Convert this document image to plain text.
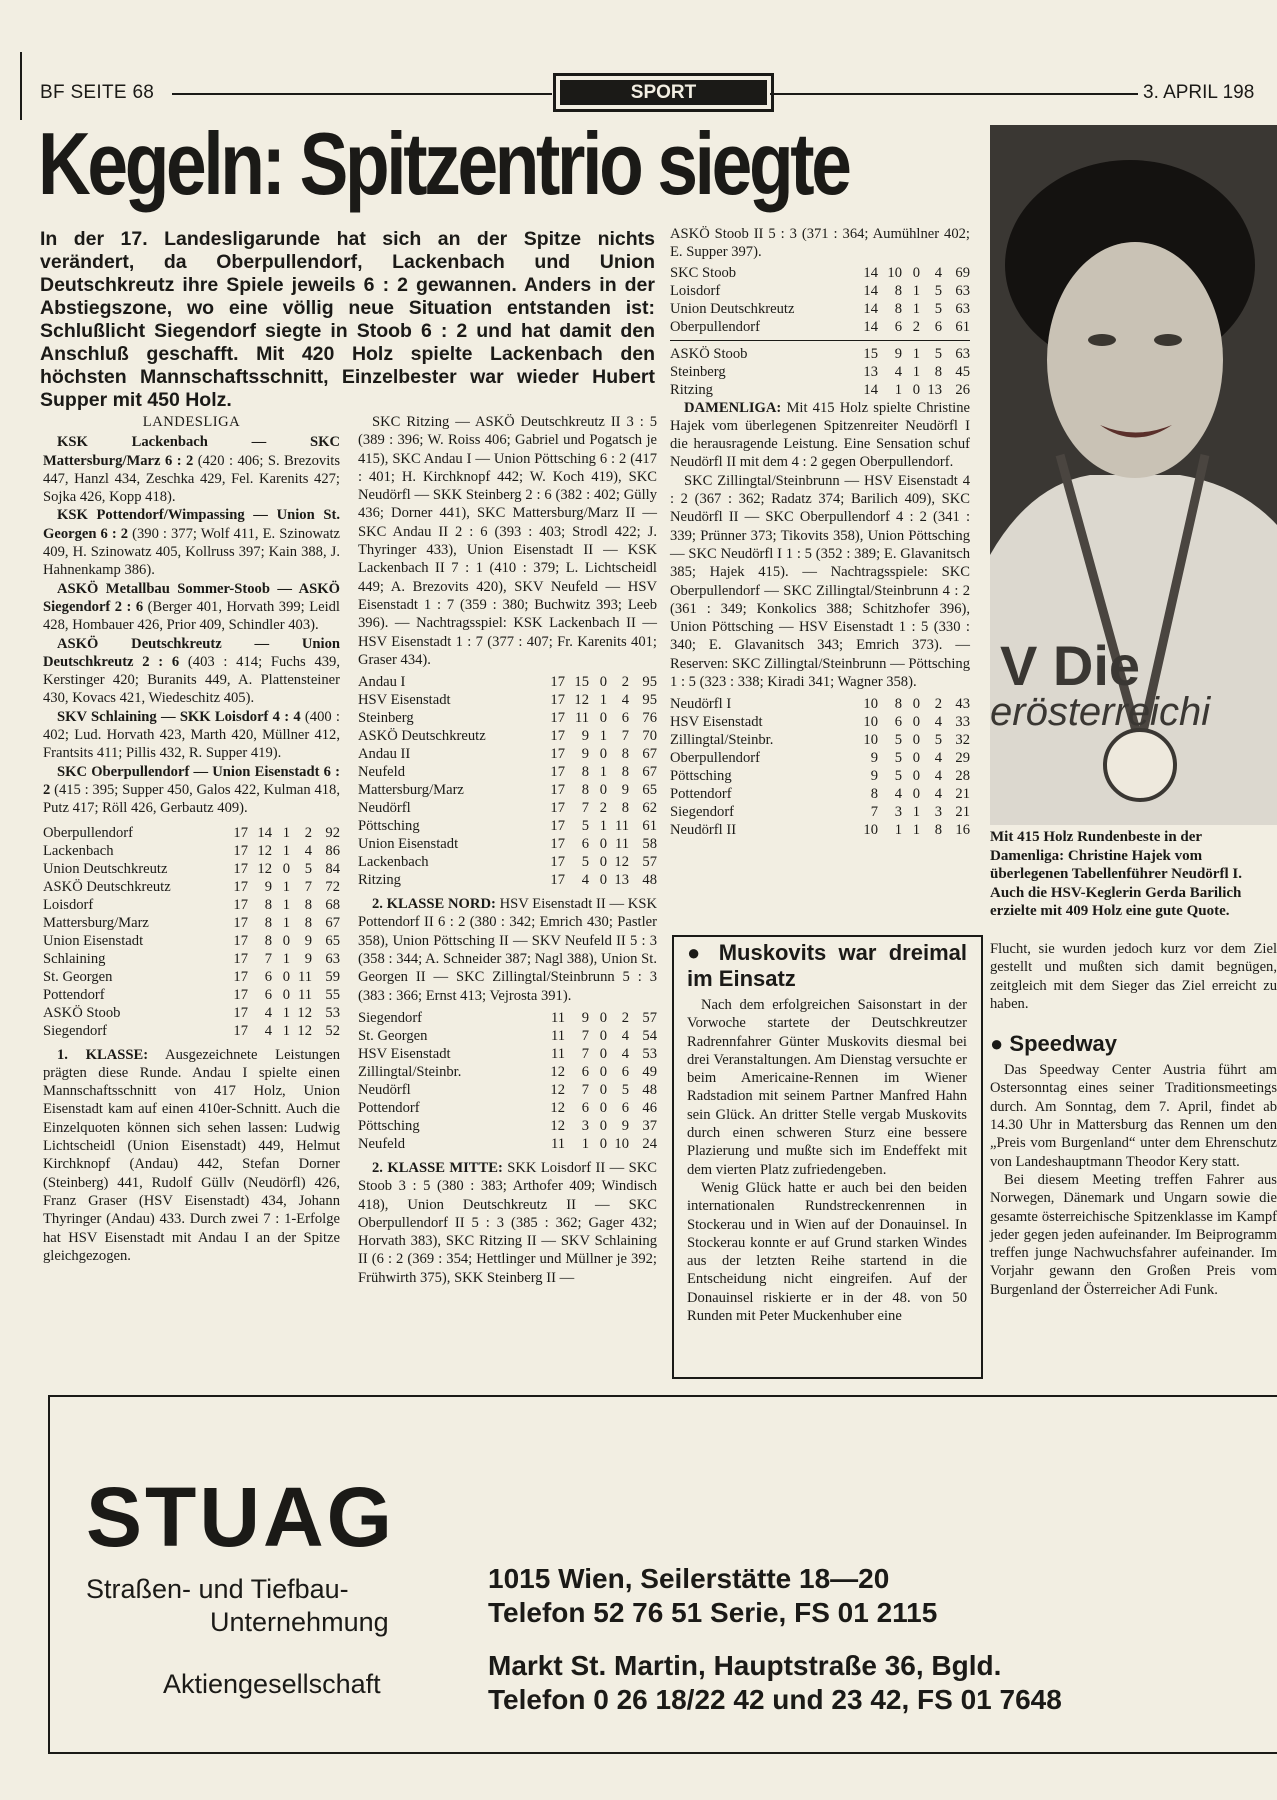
BF SEITE 68	SPORT	3. APRIL 198
Kegeln: Spitzentrio siegte
In der 17. Landesligarunde hat sich an der Spitze nichts verändert, da Oberpullendorf, Lackenbach und Union Deutschkreutz ihre Spiele jeweils 6 : 2 gewannen. Anders in der Abstiegszone, wo eine völlig neue Situation entstanden ist: Schlußlicht Siegendorf siegte in Stoob 6 : 2 und hat damit den Anschluß geschafft. Mit 420 Holz spielte Lackenbach den höchsten Mannschaftsschnitt, Einzelbester war wieder Hubert Supper mit 450 Holz.

LANDESLIGA

KSK Lackenbach — SKC Mattersburg/Marz 6 : 2 (420 : 406; S. Brezovits 447, Hanzl 434, Zeschka 429, Fel. Karenits 427; Sojka 426, Kopp 418).

KSK Pottendorf/Wimpassing — Union St. Georgen 6 : 2 (390 : 377; Wolf 411, E. Szinowatz 409, H. Szinowatz 405, Kollruss 397; Kain 388, J. Hahnenkamp 386).

ASKÖ Metallbau Sommer-Stoob — ASKÖ Siegendorf 2 : 6 (Berger 401, Horvath 399; Leidl 428, Hombauer 426, Prior 409, Schindler 403).

ASKÖ Deutschkreutz — Union Deutschkreutz 2 : 6 (403 : 414; Fuchs 439, Kerstinger 420; Buranits 449, A. Plattensteiner 430, Kovacs 421, Wiedeschitz 405).

SKV Schlaining — SKK Loisdorf 4 : 4 (400 : 402; Lud. Horvath 423, Marth 420, Müllner 412, Frantsits 411; Pillis 432, R. Supper 419).

SKC Oberpullendorf — Union Eisenstadt 6 : 2 (415 : 395; Supper 450, Galos 422, Kulman 418, Putz 417; Röll 426, Gerbautz 409).

Oberpullendorf	17	14	1	2	92
Lackenbach	17	12	1	4	86
Union Deutschkreutz	17	12	0	5	84
ASKÖ Deutschkreutz	17	9	1	7	72
Loisdorf	17	8	1	8	68
Mattersburg/Marz	17	8	1	8	67
Union Eisenstadt	17	8	0	9	65
Schlaining	17	7	1	9	63
St. Georgen	17	6	0	11	59
Pottendorf	17	6	0	11	55
ASKÖ Stoob	17	4	1	12	53
Siegendorf	17	4	1	12	52

1. KLASSE: Ausgezeichnete Leistungen prägten diese Runde. Andau I spielte einen Mannschaftsschnitt von 417 Holz, Union Eisenstadt kam auf einen 410er-Schnitt. Auch die Einzelquoten können sich sehen lassen: Ludwig Lichtscheidl (Union Eisenstadt) 449, Helmut Kirchknopf (Andau) 442, Stefan Dorner (Steinberg) 441, Rudolf Güllv (Neudörfl) 426, Franz Graser (HSV Eisenstadt) 434, Johann Thyringer (Andau) 433. Durch zwei 7 : 1-Erfolge hat HSV Eisenstadt mit Andau I an der Spitze gleichgezogen.

SKC Ritzing — ASKÖ Deutschkreutz II 3 : 5 (389 : 396; W. Roiss 406; Gabriel und Pogatsch je 415), SKC Andau I — Union Pöttsching 6 : 2 (417 : 401; H. Kirchknopf 442; W. Koch 419), SKC Neudörfl — SKK Steinberg 2 : 6 (382 : 402; Gülly 436; Dorner 441), SKC Mattersburg/Marz II — SKC Andau II 2 : 6 (393 : 403; Strodl 422; J. Thyringer 433), Union Eisenstadt II — KSK Lackenbach II 7 : 1 (410 : 379; L. Lichtscheidl 449; A. Brezovits 420), SKV Neufeld — HSV Eisenstadt 1 : 7 (359 : 380; Buchwitz 393; Leeb 396). — Nachtragsspiel: KSK Lackenbach II — HSV Eisenstadt 1 : 7 (377 : 407; Fr. Karenits 401; Graser 434).

Andau I	17	15	0	2	95
HSV Eisenstadt	17	12	1	4	95
Steinberg	17	11	0	6	76
ASKÖ Deutschkreutz	17	9	1	7	70
Andau II	17	9	0	8	67
Neufeld	17	8	1	8	67
Mattersburg/Marz	17	8	0	9	65
Neudörfl	17	7	2	8	62
Pöttsching	17	5	1	11	61
Union Eisenstadt	17	6	0	11	58
Lackenbach	17	5	0	12	57
Ritzing	17	4	0	13	48

2. KLASSE NORD: HSV Eisenstadt II — KSK Pottendorf II 6 : 2 (380 : 342; Emrich 430; Pastler 358), Union Pöttsching II — SKV Neufeld II 5 : 3 (358 : 344; A. Schneider 387; Nagl 388), Union St. Georgen II — SKC Zillingtal/Steinbrunn 5 : 3 (383 : 366; Ernst 413; Vejrosta 391).

Siegendorf	11	9	0	2	57
St. Georgen	11	7	0	4	54
HSV Eisenstadt	11	7	0	4	53
Zillingtal/Steinbr.	12	6	0	6	49
Neudörfl	12	7	0	5	48
Pottendorf	12	6	0	6	46
Pöttsching	12	3	0	9	37
Neufeld	11	1	0	10	24

2. KLASSE MITTE: SKK Loisdorf II — SKC Stoob 3 : 5 (380 : 383; Arthofer 409; Windisch 418), Union Deutschkreutz II — SKC Oberpullendorf II 5 : 3 (385 : 362; Gager 432; Horvath 383), SKC Ritzing II — SKV Schlaining II (6 : 2 (369 : 354; Hettlinger und Müllner je 392; Frühwirth 375), SKK Steinberg II —

ASKÖ Stoob II 5 : 3 (371 : 364; Aumühlner 402; E. Supper 397).

SKC Stoob	14	10	0	4	69
Loisdorf	14	8	1	5	63
Union Deutschkreutz	14	8	1	5	63
Oberpullendorf	14	6	2	6	61
ASKÖ Stoob	15	9	1	5	63
Steinberg	13	4	1	8	45
Ritzing	14	1	0	13	26

DAMENLIGA: Mit 415 Holz spielte Christine Hajek vom überlegenen Spitzenreiter Neudörfl I die herausragende Leistung. Eine Sensation schuf Neudörfl II mit dem 4 : 2 gegen Oberpullendorf.

SKC Zillingtal/Steinbrunn — HSV Eisenstadt 4 : 2 (367 : 362; Radatz 374; Barilich 409), SKC Neudörfl II — SKC Oberpullendorf 4 : 2 (341 : 339; Prünner 373; Tikovits 358), Union Pöttsching — SKC Neudörfl I 1 : 5 (352 : 389; E. Glavanitsch 385; Hajek 415). — Nachtragsspiele: SKC Oberpullendorf — SKC Zillingtal/Steinbrunn 4 : 2 (361 : 349; Konkolics 388; Schitzhofer 396), Union Pöttsching — HSV Eisenstadt 1 : 5 (330 : 340; E. Glavanitsch 343; Emrich 373). — Reserven: SKC Zillingtal/Steinbrunn — Pöttsching 1 : 5 (323 : 338; Kiradi 341; Wagner 358).

Neudörfl I	10	8	0	2	43
HSV Eisenstadt	10	6	0	4	33
Zillingtal/Steinbr.	10	5	0	5	32
Oberpullendorf	9	5	0	4	29
Pöttsching	9	5	0	4	28
Pottendorf	8	4	0	4	21
Siegendorf	7	3	1	3	21
Neudörfl II	10	1	1	8	16
V Die
erösterreichi
Mit 415 Holz Rundenbeste in der Damenliga: Christine Hajek vom überlegenen Tabellenführer Neudörfl I. Auch die HSV-Keglerin Gerda Barilich erzielte mit 409 Holz eine gute Quote.
● Muskovits war dreimal im Einsatz

Nach dem erfolgreichen Saisonstart in der Vorwoche startete der Deutschkreutzer Radrennfahrer Günter Muskovits diesmal bei drei Veranstaltungen. Am Dienstag versuchte er beim Americaine-Rennen im Wiener Radstadion mit seinem Partner Manfred Hahn sein Glück. An dritter Stelle vergab Muskovits durch einen schweren Sturz eine bessere Plazierung und mußte sich im Endeffekt mit dem vierten Platz zufriedengeben.

Wenig Glück hatte er auch bei den beiden internationalen Rundstreckenrennen in Stockerau und in Wien auf der Donauinsel. In Stockerau konnte er auf Grund starken Windes aus der letzten Reihe startend in die Entscheidung nicht eingreifen. Auf der Donauinsel riskierte er in der 48. von 50 Runden mit Peter Muckenhuber eine

Flucht, sie wurden jedoch kurz vor dem Ziel gestellt und mußten sich damit begnügen, zeitgleich mit dem Sieger das Ziel erreicht zu haben.

● Speedway

Das Speedway Center Austria führt am Ostersonntag eines seiner Traditionsmeetings durch. Am Sonntag, dem 7. April, findet ab 14.30 Uhr in Mattersburg das Rennen um den „Preis vom Burgenland“ unter dem Ehrenschutz von Landeshauptmann Theodor Kery statt.

Bei diesem Meeting treffen Fahrer aus Norwegen, Dänemark und Ungarn sowie die gesamte österreichische Spitzenklasse im Kampf jeder gegen jeden aufeinander. Im Beiprogramm treffen junge Nachwuchsfahrer aufeinander. Im Vorjahr gewann den Großen Preis vom Burgenland der Österreicher Adi Funk.

STUAG
Straßen- und Tiefbau-
Unternehmung
Aktiengesellschaft
1015 Wien, Seilerstätte 18—20
Telefon 52 76 51 Serie, FS 01 2115
Markt St. Martin, Hauptstraße 36, Bgld.
Telefon 0 26 18/22 42 und 23 42, FS 01 7648
